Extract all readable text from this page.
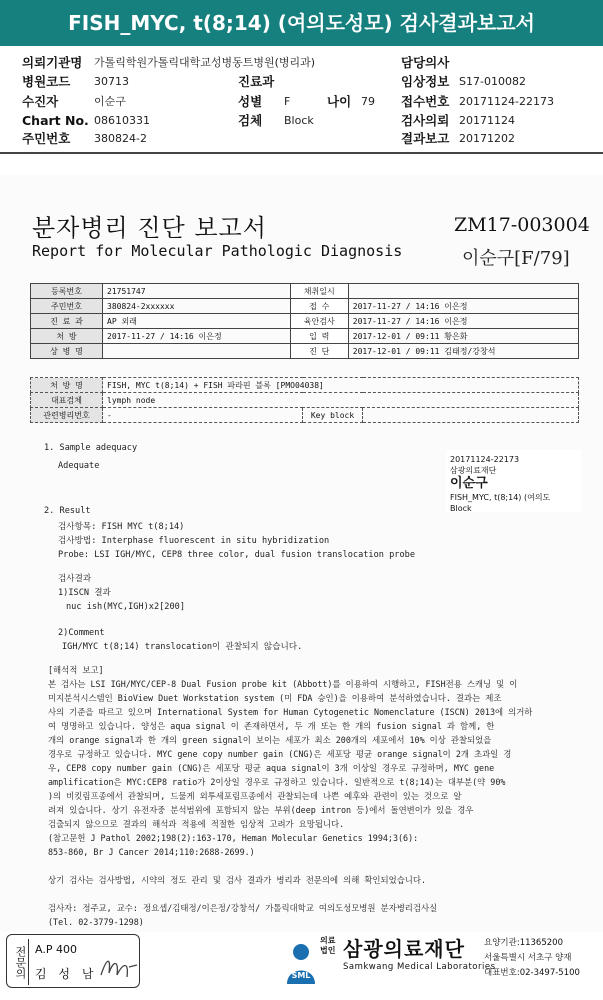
FISH_MYC, t(8;14) (여의도성모) 검사결과보고서
의뢰기관명 가톨릭학원가톨릭대학교성병동트병원(병리과)	담당의사
병원코드 30713	진료과	임상정보 S17-010082
수진자	이순구	성별 F	나이 79 접수번호 20171124-22173
Chart No. 08610331	검체 Block	검사의뢰 20171124
주민번호 380824-2	결과보고 20171202
분자병리 진단 보고서
Report for Molecular Pathologic Diagnosis
ZM17-003004
이순구[F/79]
등록번호	21751747	채취일시	
주민번호	380824-2xxxxxx	접 수	2017-11-27 / 14:16 이은정
진 료 과	AP 외래	육안검사	2017-11-27 / 14:16 이은정
처 방	2017-11-27 / 14:16 이은정	입 력	2017-12-01 / 09:11 황은화
상 병 명		진 단	2017-12-01 / 09:11 김태정/강창석
처 방 명	FISH, MYC t(8;14) + FISH 파라핀 블록 [PMO04038]		
대표검체	lymph node		
관련병리번호	-	Key block	
1. Sample adequacy
Adequate
2. Result
검사항목: FISH MYC t(8;14)
검사방법: Interphase fluorescent in situ hybridization
Probe: LSI IGH/MYC, CEP8 three color, dual fusion translocation probe
검사결과
1)ISCN 결과
nuc ish(MYC,IGH)x2[200]
2)Comment
IGH/MYC t(8;14) translocation이 관찰되지 않습니다.
20171124-22173
삼광의료재단
이순구
FISH_MYC, t(8;14) (여의도
Block
[해석적 보고]
본 검사는 LSI IGH/MYC/CEP-8 Dual Fusion probe kit (Abbott)를 이용하여 시행하고, FISH전용 스캐닝 및 이
미지분석시스템인 BioView Duet Workstation system (미 FDA 승인)을 이용하여 분석하였습니다. 결과는 제조
사의 기준을 따르고 있으며 International System for Human Cytogenetic Nomenclature (ISCN) 2013에 의거하
여 명명하고 있습니다. 양성은 aqua signal 이 존재하면서, 두 개 또는 한 개의 fusion signal 과 함께, 한
개의 orange signal과 한 개의 green signal이 보이는 세포가 최소 200개의 세포에서 10% 이상 관찰되었을
경우로 규정하고 있습니다. MYC gene copy number gain (CNG)은 세포당 평균 orange signal이 2개 초과일 경
우, CEP8 copy number gain (CNG)은 세포당 평균 aqua signal이 3개 이상일 경우로 규정하며, MYC gene
amplification은 MYC:CEP8 ratio가 2이상일 경우로 규정하고 있습니다. 일반적으로 t(8;14)는 대부분(약 90%
)의 비킷림프종에서 관찰되며, 드물게 외투세포림프종에서 관찰되는데 나쁜 예후와 관련이 있는 것으로 알
려져 있습니다. 상기 유전자중 분석범위에 포함되지 않는 부위(deep intron 등)에서 돌연변이가 있을 경우
검출되지 않으므로 결과의 해석과 적용에 적절한 임상적 고려가 요망됩니다.
(참고문헌 J Pathol 2002;198(2):163-170, Heman Molecular Genetics 1994;3(6):
853-860, Br J Cancer 2014;110:2688-2699.)
상기 검사는 검사방법, 시약의 정도 관리 및 검사 결과가 병리과 전문의에 의해 확인되었습니다.
검사자: 정주교, 교수: 정요셉/김태정/이은정/강창석/ 가톨릭대학교 여의도성모병원 분자병리검사실
(Tel. 02-3779-1298)
전문의 A.P 400
김 성 남	SML
의료
법인 삼광의료재단
Samkwang Medical Laboratories
요양기관:11365200
서울특별시 서초구 양재
대표번호:02-3497-5100
